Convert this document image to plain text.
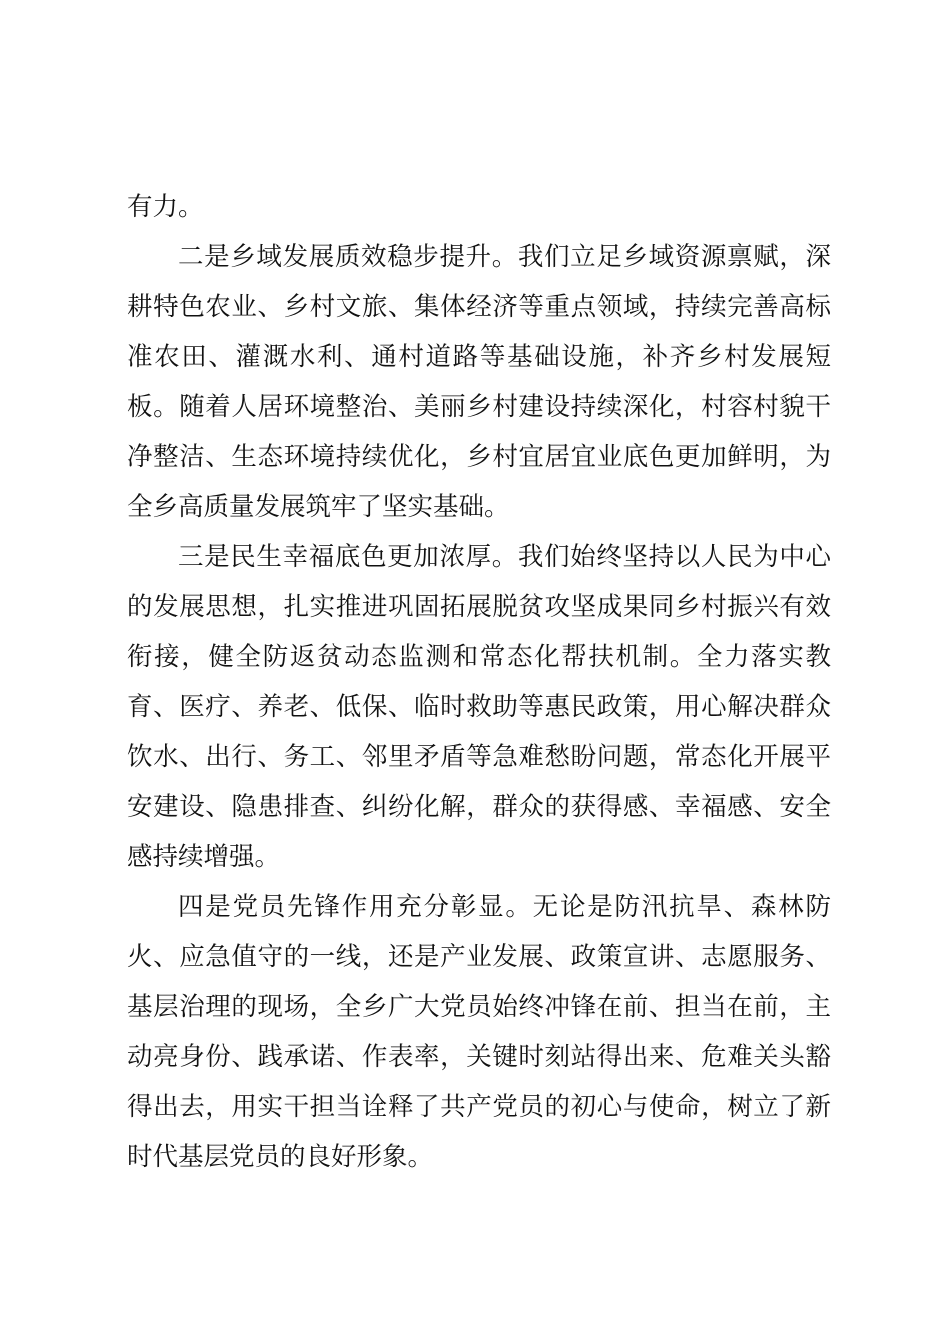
有力。
二是乡域发展质效稳步提升。我们立足乡域资源禀赋，深
耕特色农业、乡村文旅、集体经济等重点领域，持续完善高标
准农田、灌溉水利、通村道路等基础设施，补齐乡村发展短
板。随着人居环境整治、美丽乡村建设持续深化，村容村貌干
净整洁、生态环境持续优化，乡村宜居宜业底色更加鲜明，为
全乡高质量发展筑牢了坚实基础。
三是民生幸福底色更加浓厚。我们始终坚持以人民为中心
的发展思想，扎实推进巩固拓展脱贫攻坚成果同乡村振兴有效
衔接，健全防返贫动态监测和常态化帮扶机制。全力落实教
育、医疗、养老、低保、临时救助等惠民政策，用心解决群众
饮水、出行、务工、邻里矛盾等急难愁盼问题，常态化开展平
安建设、隐患排查、纠纷化解，群众的获得感、幸福感、安全
感持续增强。
四是党员先锋作用充分彰显。无论是防汛抗旱、森林防
火、应急值守的一线，还是产业发展、政策宣讲、志愿服务、
基层治理的现场，全乡广大党员始终冲锋在前、担当在前，主
动亮身份、践承诺、作表率，关键时刻站得出来、危难关头豁
得出去，用实干担当诠释了共产党员的初心与使命，树立了新
时代基层党员的良好形象。
